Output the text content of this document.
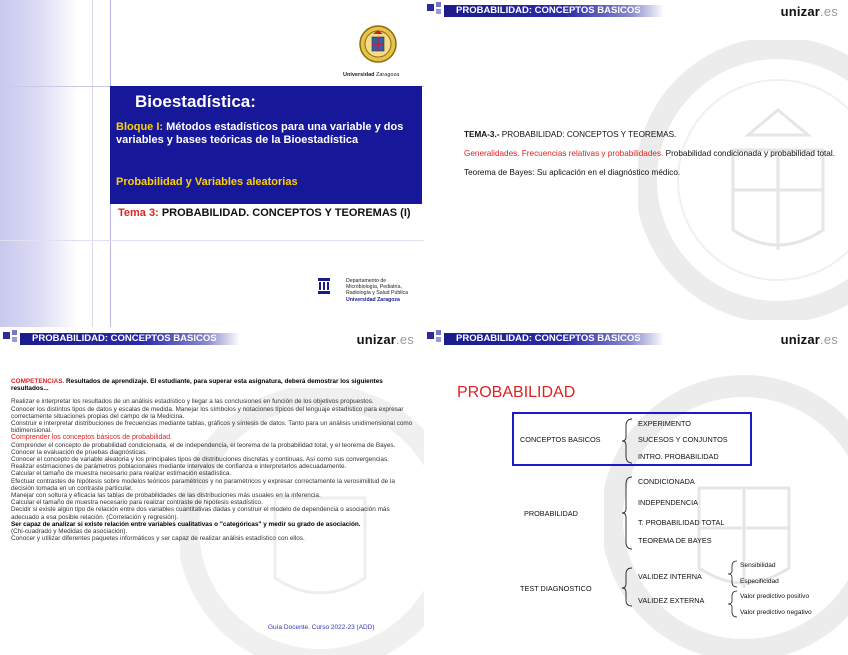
Universidad Zaragoza
Bioestadística:
Bloque I: Métodos estadísticos para una variable y dos variables y bases teóricas de la Bioestadística
Probabilidad y Variables aleatorias
Tema 3: PROBABILIDAD. CONCEPTOS Y TEOREMAS (I)
Departamento de
Microbiología, Pediatría,
Radiología y Salud Pública
Universidad Zaragoza
PROBABILIDAD: CONCEPTOS BASICOS	unizar.es
TEMA-3.- PROBABILIDAD: CONCEPTOS Y TEOREMAS.
Generalidades. Frecuencias relativas y probabilidades. Probabilidad condicionada y probabilidad total. Teorema de Bayes: Su aplicación en el diagnóstico médico.
PROBABILIDAD: CONCEPTOS BASICOS	unizar.es
COMPETENCIAS. Resultados de aprendizaje. El estudiante, para superar esta asignatura, deberá demostrar los siguientes resultados...
Realizar e interpretar los resultados de un análisis estadístico y llegar a las conclusiones en función de los objetivos propuestos.
Conocer los distintos tipos de datos y escalas de medida. Manejar los símbolos y notaciones típicos del lenguaje estadístico para expresar correctamente situaciones propias del campo de la Medicina.
Construir e interpretar distribuciones de frecuencias mediante tablas, gráficos y síntesis de datos. Tanto para un análisis unidimensional como bidimensional.
Comprender los conceptos básicos de probabilidad.
Comprender el concepto de probabilidad condicionada, el de independencia, el teorema de la probabilidad total, y el teorema de Bayes. Conocer la evaluación de pruebas diagnósticas.
Conocer el concepto de variable aleatoria y los principales tipos de distribuciones discretas y continuas. Así como sus convergencias.
Realizar estimaciones de parámetros poblacionales mediante intervalos de confianza e interpretarlos adecuadamente.
Calcular el tamaño de muestra necesario para realizar estimación estadística.
Efectuar contrastes de hipótesis sobre modelos teóricos paramétricos y no paramétricos y expresar correctamente la verosimilitud de la decisión tomada en un contraste particular.
Manejar con soltura y eficacia las tablas de probabilidades de las distribuciones más usuales en la inferencia.
Calcular el tamaño de muestra necesario para realizar contraste de hipótesis estadístico.
Decidir si existe algún tipo de relación entre dos variables cuantitativas dadas y construir el modelo de dependencia o asociación más adecuado a esa posible relación. (Correlación y regresión).
Ser capaz de analizar si existe relación entre variables cualitativas o "categóricas" y medir su grado de asociación.
(Chi-cuadrado y Medidas de asociación).
Conocer y utilizar diferentes paquetes informáticos y ser capaz de realizar análisis estadístico con ellos.
Guía Docente. Curso 2022-23 (ADD)
PROBABILIDAD: CONCEPTOS BASICOS	unizar.es
PROBABILIDAD
CONCEPTOS BASICOS
EXPERIMENTO
SUCESOS Y CONJUNTOS
INTRO. PROBABILIDAD
PROBABILIDAD
CONDICIONADA
INDEPENDENCIA
T. PROBABILIDAD TOTAL
TEOREMA DE BAYES
TEST DIAGNOSTICO
VALIDEZ INTERNA
VALIDEZ EXTERNA
Sensibilidad
Especificidad
Valor predictivo positivo
Valor predictivo negativo
